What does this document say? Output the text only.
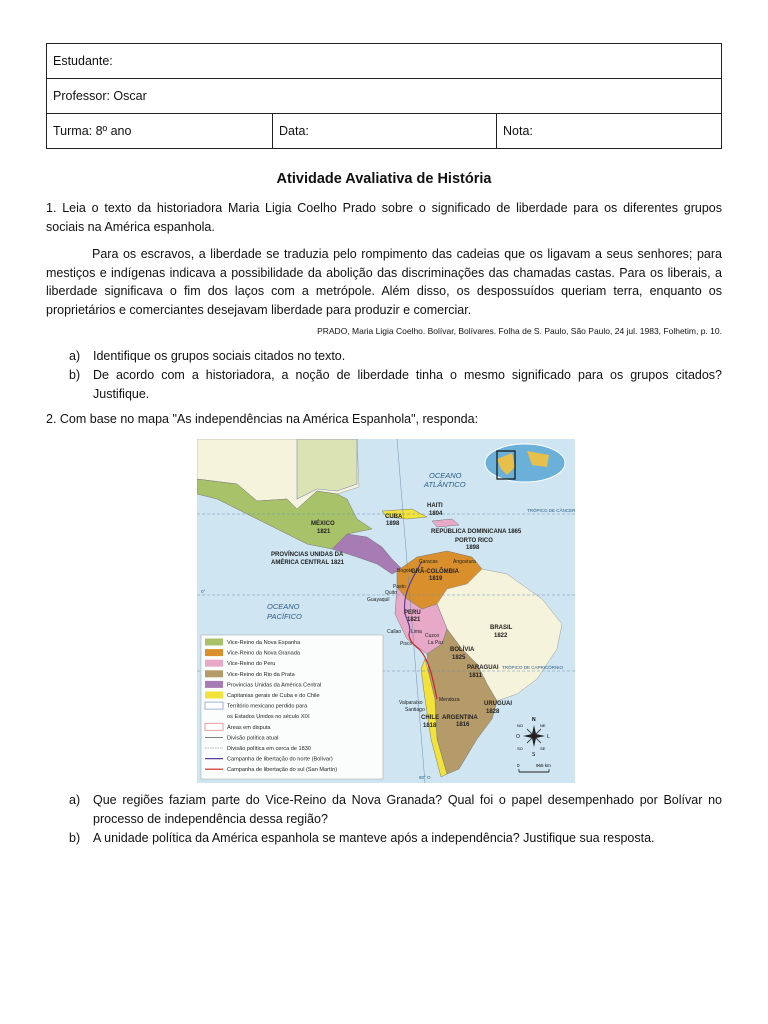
Estudante:
Professor: Oscar
Turma: 8º ano	Data:	Nota:
Atividade Avaliativa de História

1. Leia o texto da historiadora Maria Ligia Coelho Prado sobre o significado de liberdade para os diferentes grupos sociais na América espanhola.

Para os escravos, a liberdade se traduzia pelo rompimento das cadeias que os ligavam a seus senhores; para mestiços e indígenas indicava a possibilidade da abolição das discriminações das chamadas castas. Para os liberais, a liberdade significava o fim dos laços com a metrópole. Além disso, os despossuídos queriam terra, enquanto os proprietários e comerciantes desejavam liberdade para produzir e comerciar.

PRADO, Maria Ligia Coelho. Bolívar, Bolívares. Folha de S. Paulo, São Paulo, 24 jul. 1983, Folhetim, p. 10.
a) Identifique os grupos sociais citados no texto.
b) De acordo com a historiadora, a noção de liberdade tinha o mesmo significado para os grupos citados? Justifique.

2. Com base no mapa "As independências na América Espanhola", responda:

OCEANO
ATLÂNTICO
OCEANO
PACÍFICO
TRÓPICO DE CÂNCER
TRÓPICO DE CAPRICÓRNIO
0°
80° O
MÉXICO
1821
CUBA
1898
HAITI
1804
REPÚBLICA DOMINICANA 1865
PORTO RICO
1898
PROVÍNCIAS UNIDAS DA
AMÉRICA CENTRAL 1821
GRÃ-COLÔMBIA
1819
PERU
1821
BRASIL
1822
BOLÍVIA
1825
PARAGUAI
1811
CHILE
1818
ARGENTINA
1816
URUGUAI
1828
Caracas	Angostura
Bogotá
Pasto
Quito
Guayaquil
Callao Lima
Cuzco
Pisco	La Paz
Mendoza
Valparaíso
Santiago
Vice-Reino da Nova Espanha
Vice-Reino da Nova Granada
Vice-Reino do Peru
Vice-Reino do Rio da Prata
Províncias Unidas da América Central
Capitanias gerais de Cuba e do Chile
Território mexicano perdido para
os Estados Unidos no século XIX
Áreas em disputa
Divisão política atual
Divisão política em cerca de 1830
Campanha de libertação do norte (Bolívar)
Campanha de libertação do sul (San Martín)
N
NE
NO
L
O
S
SO	SE
0	965 km
a) Que regiões faziam parte do Vice-Reino da Nova Granada? Qual foi o papel desempenhado por Bolívar no processo de independência dessa região?
b) A unidade política da América espanhola se manteve após a independência? Justifique sua resposta.
